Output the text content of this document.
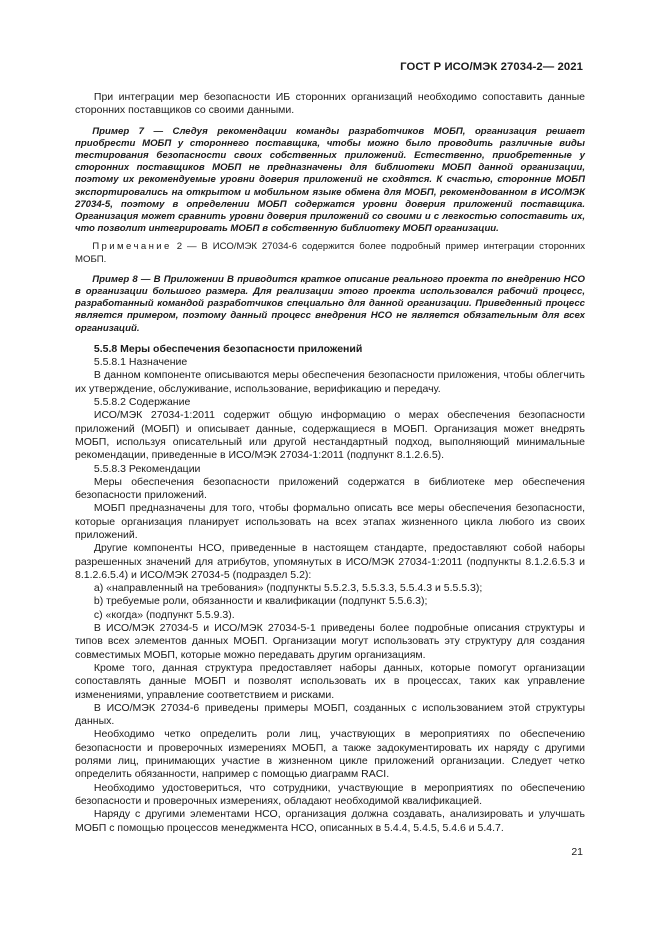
ГОСТ Р ИСО/МЭК 27034-2— 2021

При интеграции мер безопасности ИБ сторонних организаций необходимо сопоставить данные сторонних поставщиков со своими данными.

Пример 7 — Следуя рекомендации команды разработчиков МОБП, организация решает приобрести МОБП у стороннего поставщика, чтобы можно было проводить различные виды тестирования безопасности своих собственных приложений. Естественно, приобретенные у сторонних поставщиков МОБП не предназначены для библиотеки МОБП данной организации, поэтому их рекомендуемые уровни доверия приложений не сходятся. К счастью, сторонние МОБП экспортировались на открытом и мобильном языке обмена для МОБП, рекомендованном в ИСО/МЭК 27034-5, поэтому в определении МОБП содержатся уровни доверия приложений поставщика. Организация может сравнить уровни доверия приложений со своими и с легкостью сопоставить их, что позволит интегрировать МОБП в собственную библиотеку МОБП организации.

Примечание 2 — В ИСО/МЭК 27034-6 содержится более подробный пример интеграции сторонних МОБП.

Пример 8 — В Приложении В приводится краткое описание реального проекта по внедрению НСО в организации большого размера. Для реализации этого проекта использовался рабочий процесс, разработанный командой разработчиков специально для данной организации. Приведенный процесс является примером, поэтому данный процесс внедрения НСО не является обязательным для всех организаций.

5.5.8 Меры обеспечения безопасности приложений

5.5.8.1 Назначение

В данном компоненте описываются меры обеспечения безопасности приложения, чтобы облегчить их утверждение, обслуживание, использование, верификацию и передачу.

5.5.8.2 Содержание

ИСО/МЭК 27034-1:2011 содержит общую информацию о мерах обеспечения безопасности приложений (МОБП) и описывает данные, содержащиеся в МОБП. Организация может внедрять МОБП, используя описательный или другой нестандартный подход, выполняющий минимальные рекомендации, приведенные в ИСО/МЭК 27034-1:2011 (подпункт 8.1.2.6.5).

5.5.8.3 Рекомендации

Меры обеспечения безопасности приложений содержатся в библиотеке мер обеспечения безопасности приложений.

МОБП предназначены для того, чтобы формально описать все меры обеспечения безопасности, которые организация планирует использовать на всех этапах жизненного цикла любого из своих приложений.

Другие компоненты НСО, приведенные в настоящем стандарте, предоставляют собой наборы разрешенных значений для атрибутов, упомянутых в ИСО/МЭК 27034-1:2011 (подпункты 8.1.2.6.5.3 и 8.1.2.6.5.4) и ИСО/МЭК 27034-5 (подраздел 5.2):

a) «направленный на требования» (подпункты 5.5.2.3, 5.5.3.3, 5.5.4.3 и 5.5.5.3);

b) требуемые роли, обязанности и квалификации (подпункт 5.5.6.3);

c) «когда» (подпункт 5.5.9.3).

В ИСО/МЭК 27034-5 и ИСО/МЭК 27034-5-1 приведены более подробные описания структуры и типов всех элементов данных МОБП. Организации могут использовать эту структуру для создания совместимых МОБП, которые можно передавать другим организациям.

Кроме того, данная структура предоставляет наборы данных, которые помогут организации сопоставлять данные МОБП и позволят использовать их в процессах, таких как управление изменениями, управление соответствием и рисками.

В ИСО/МЭК 27034-6 приведены примеры МОБП, созданных с использованием этой структуры данных.

Необходимо четко определить роли лиц, участвующих в мероприятиях по обеспечению безопасности и проверочных измерениях МОБП, а также задокументировать их наряду с другими ролями лиц, принимающих участие в жизненном цикле приложений организации. Следует четко определить обязанности, например с помощью диаграмм RACI.

Необходимо удостовериться, что сотрудники, участвующие в мероприятиях по обеспечению безопасности и проверочных измерениях, обладают необходимой квалификацией.

Наряду с другими элементами НСО, организация должна создавать, анализировать и улучшать МОБП с помощью процессов менеджмента НСО, описанных в 5.4.4, 5.4.5, 5.4.6 и 5.4.7.

21
